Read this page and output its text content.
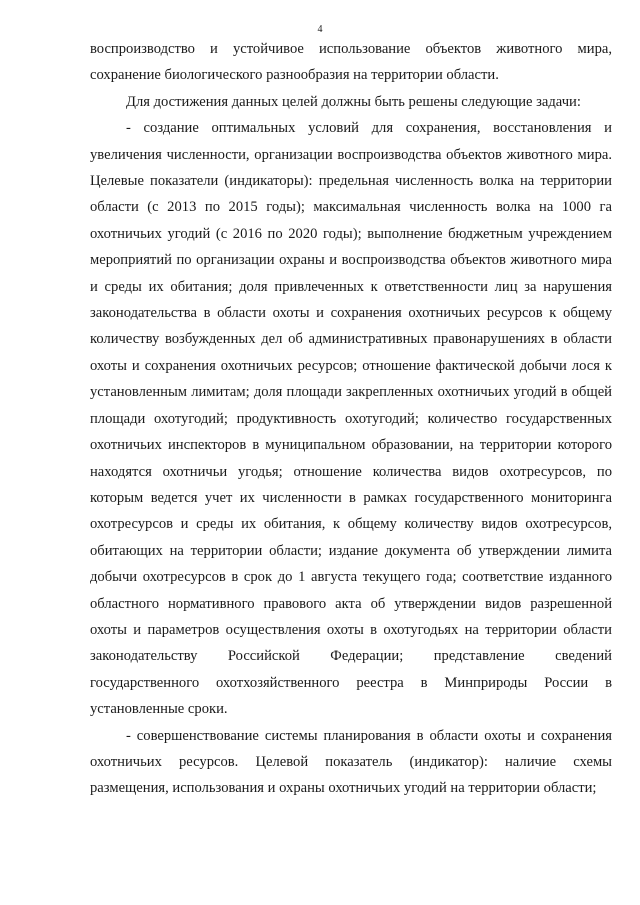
4

воспроизводство и устойчивое использование объектов животного мира, сохранение биологического разнообразия на территории области.

Для достижения данных целей должны быть решены следующие задачи:

- создание оптимальных условий для сохранения, восстановления и увеличения численности, организации воспроизводства объектов животного мира. Целевые показатели (индикаторы): предельная численность волка на территории области (с 2013 по 2015 годы); максимальная численность волка на 1000 га охотничьих угодий (с 2016 по 2020 годы); выполнение бюджетным учреждением мероприятий по организации охраны и воспроизводства объектов животного мира и среды их обитания; доля привлеченных к ответственности лиц за нарушения законодательства в области охоты и сохранения охотничьих ресурсов к общему количеству возбужденных дел об административных правонарушениях в области охоты и сохранения охотничьих ресурсов; отношение фактической добычи лося к установленным лимитам; доля площади закрепленных охотничьих угодий в общей площади охотугодий; продуктивность охотугодий; количество государственных охотничьих инспекторов в муниципальном образовании, на территории которого находятся охотничьи угодья; отношение количества видов охотресурсов, по которым ведется учет их численности в рамках государственного мониторинга охотресурсов и среды их обитания, к общему количеству видов охотресурсов, обитающих на территории области; издание документа об утверждении лимита добычи охотресурсов в срок до 1 августа текущего года; соответствие изданного областного нормативного правового акта об утверждении видов разрешенной охоты и параметров осуществления охоты в охотугодьях на территории области законодательству Российской Федерации; представление сведений государственного охотхозяйственного реестра в Минприроды России в установленные сроки.

- совершенствование системы планирования в области охоты и сохранения охотничьих ресурсов. Целевой показатель (индикатор): наличие схемы размещения, использования и охраны охотничьих угодий на территории области;
